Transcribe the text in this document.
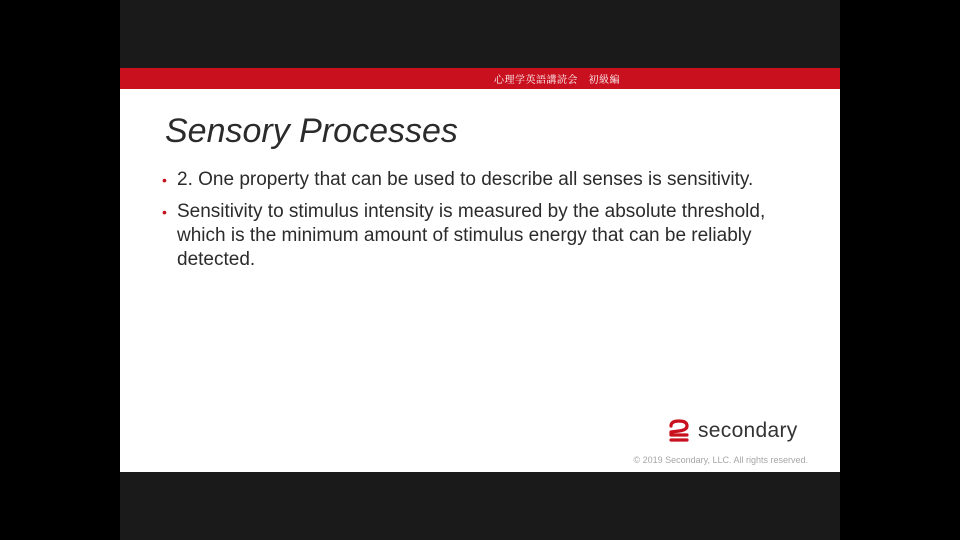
心理学英語講読会　初級編
Sensory Processes
• 2. One property that can be used to describe all senses is sensitivity.
• Sensitivity to stimulus intensity is measured by the absolute threshold, which is the minimum amount of stimulus energy that can be reliably detected.
secondary
© 2019 Secondary, LLC. All rights reserved.
